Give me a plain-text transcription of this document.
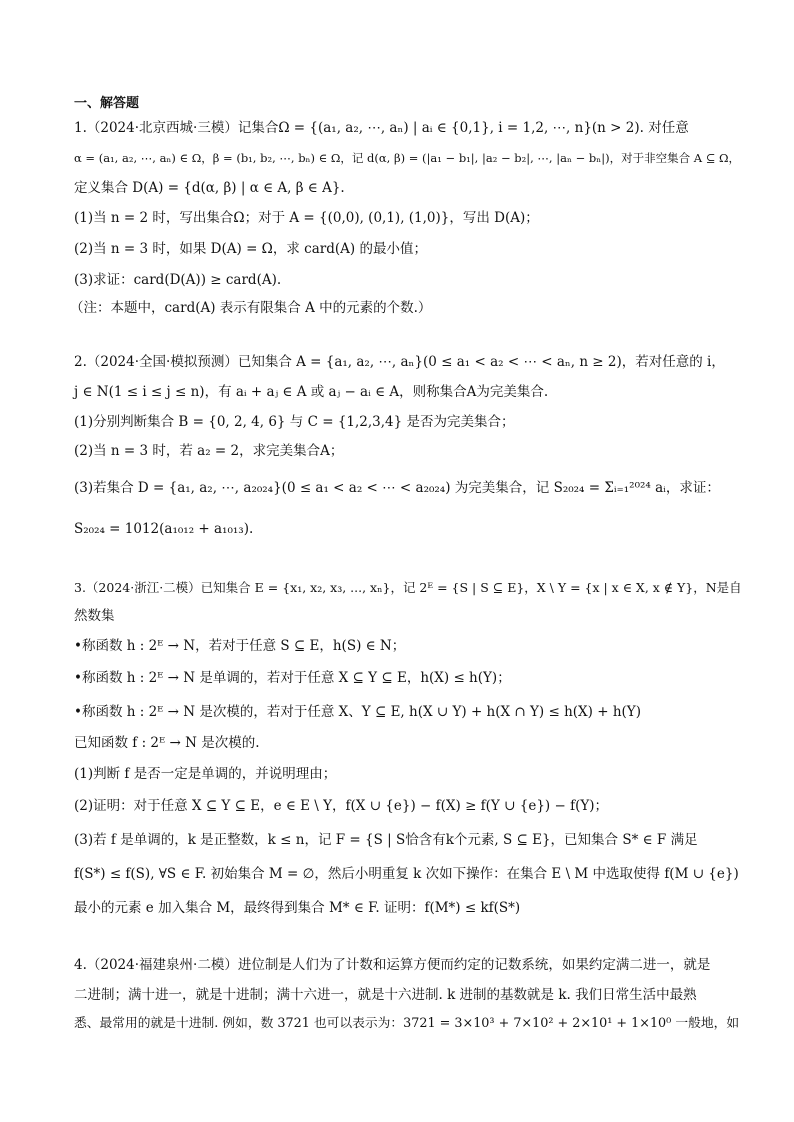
一、解答题
1.（2024·北京西城·三模）记集合Ω = {(a₁, a₂, ⋯, aₙ) | aᵢ ∈ {0,1}, i = 1,2, ⋯, n}(n > 2). 对任意
α = (a₁, a₂, ⋯, aₙ) ∈ Ω，β = (b₁, b₂, ⋯, bₙ) ∈ Ω，记 d(α, β) = (|a₁ − b₁|, |a₂ − b₂|, ⋯, |aₙ − bₙ|)，对于非空集合 A ⊆ Ω，
定义集合 D(A) = {d(α, β) | α ∈ A, β ∈ A}.
(1)当 n = 2 时，写出集合Ω；对于 A = {(0,0), (0,1), (1,0)}，写出 D(A)；
(2)当 n = 3 时，如果 D(A) = Ω，求 card(A) 的最小值；
(3)求证：card(D(A)) ≥ card(A).
（注：本题中，card(A) 表示有限集合 A 中的元素的个数.）
2.（2024·全国·模拟预测）已知集合 A = {a₁, a₂, ⋯, aₙ}(0 ≤ a₁ < a₂ < ⋯ < aₙ, n ≥ 2)，若对任意的 i，
j ∈ N(1 ≤ i ≤ j ≤ n)，有 aᵢ + aⱼ ∈ A 或 aⱼ − aᵢ ∈ A，则称集合A为完美集合.
(1)分别判断集合 B = {0, 2, 4, 6} 与 C = {1,2,3,4} 是否为完美集合；
(2)当 n = 3 时，若 a₂ = 2，求完美集合A；
(3)若集合 D = {a₁, a₂, ⋯, a₂₀₂₄}(0 ≤ a₁ < a₂ < ⋯ < a₂₀₂₄) 为完美集合，记 S₂₀₂₄ = Σᵢ₌₁²⁰²⁴ aᵢ，求证：
S₂₀₂₄ = 1012(a₁₀₁₂ + a₁₀₁₃).
3.（2024·浙江·二模）已知集合 E = {x₁, x₂, x₃, ..., xₙ}，记 2ᴱ = {S | S ⊆ E}，X \ Y = {x | x ∈ X, x ∉ Y}，N是自
然数集
•称函数 h : 2ᴱ → N，若对于任意 S ⊆ E，h(S) ∈ N；
•称函数 h : 2ᴱ → N 是单调的，若对于任意 X ⊆ Y ⊆ E，h(X) ≤ h(Y)；
•称函数 h : 2ᴱ → N 是次模的，若对于任意 X、Y ⊆ E, h(X ∪ Y) + h(X ∩ Y) ≤ h(X) + h(Y)
已知函数 f : 2ᴱ → N 是次模的.
(1)判断 f 是否一定是单调的，并说明理由；
(2)证明：对于任意 X ⊆ Y ⊆ E，e ∈ E \ Y，f(X ∪ {e}) − f(X) ≥ f(Y ∪ {e}) − f(Y)；
(3)若 f 是单调的，k 是正整数，k ≤ n，记 F = {S | S恰含有k个元素, S ⊆ E}，已知集合 S* ∈ F 满足
f(S*) ≤ f(S), ∀S ∈ F. 初始集合 M = ∅，然后小明重复 k 次如下操作：在集合 E \ M 中选取使得 f(M ∪ {e})
最小的元素 e 加入集合 M，最终得到集合 M* ∈ F. 证明：f(M*) ≤ kf(S*)
4.（2024·福建泉州·二模）进位制是人们为了计数和运算方便而约定的记数系统，如果约定满二进一，就是
二进制；满十进一，就是十进制；满十六进一，就是十六进制. k 进制的基数就是 k. 我们日常生活中最熟
悉、最常用的就是十进制. 例如，数 3721 也可以表示为：3721 = 3×10³ + 7×10² + 2×10¹ + 1×10⁰ 一般地，如
